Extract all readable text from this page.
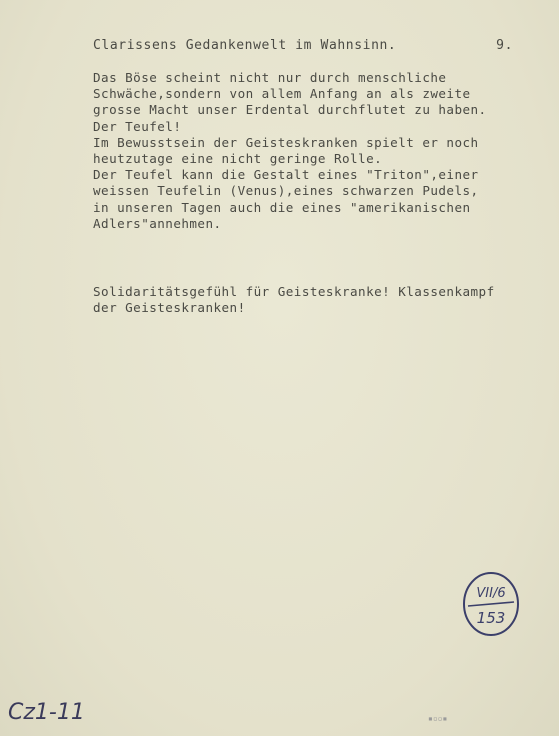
Clarissens Gedankenwelt im Wahnsinn.	9.
Das Böse scheint nicht nur durch menschliche
Schwäche,sondern von allem Anfang an als zweite
grosse Macht unser Erdental durchflutet zu haben.
Der Teufel!
Im Bewusstsein der Geisteskranken spielt er noch
heutzutage eine nicht geringe Rolle.
Der Teufel kann die Gestalt eines "Triton",einer
weissen Teufelin (Venus),eines schwarzen Pudels,
in unseren Tagen auch die eines "amerikanischen
Adlers"annehmen.
Solidaritätsgefühl für Geisteskranke! Klassenkampf
der Geisteskranken!
VII/6
153
Cz1-11	▪▫▫▪
